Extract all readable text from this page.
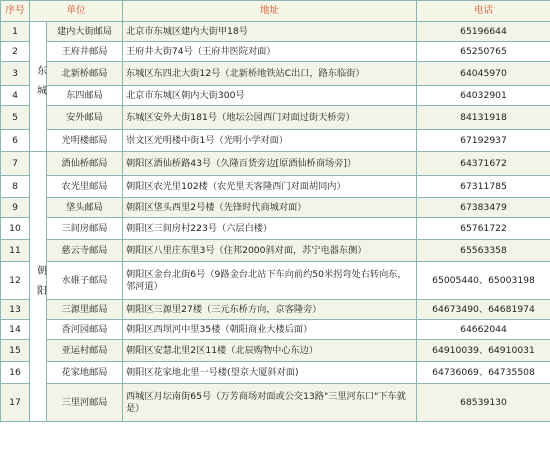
序号	单位		地址	电话
1	东城	建内大街邮局	北京市东城区建内大街甲18号	65196644
2		王府井邮局	王府井大街74号（王府井医院对面）	65250765
3		北新桥邮局	东城区东四北大街12号（北新桥地铁站C出口，路东临街）	64045970
4		东四邮局	北京市东城区朝内大街300号	64032901
5		安外邮局	东城区安外大街181号（地坛公园西门对面过街天桥旁）	84131918
6		光明楼邮局	崇文区光明楼中街1号（光明小学对面）	67192937
7	朝阳	酒仙桥邮局	朝阳区酒仙桥路43号（久隆百货旁边[原酒仙桥商场旁]）	64371672
8		农光里邮局	朝阳区农光里102楼（农光里天客隆西门对面胡同内）	67311785
9		垡头邮局	朝阳区垡头西里2号楼（先锋时代商城对面）	67383479
10		三间房邮局	朝阳区三间房村223号（六层白楼）	65761722
11		慈云寺邮局	朝阳区八里庄东里3号（住邦2000斜对面，苏宁电器东侧）	65563358
12		水碓子邮局	朝阳区金台北街6号（9路金台北站下车向前约50米拐弯处右转向东，邻河道）	65005440、65003198
13		三源里邮局	朝阳区三源里27楼（三元东桥方向，京客隆旁）	64673490、64681974
14		香河园邮局	朝阳区西坝河中里35楼（朝阳商业大楼后面）	64662044
15		亚运村邮局	朝阳区安慧北里2区11楼（北辰购物中心东边）	64910039、64910031
16		花家地邮局	朝阳区花家地北里一号楼(望京大厦斜对面)	64736069、64735508
17		三里河邮局	西城区月坛南街65号（万芳商场对面或公交13路"三里河东口"下车就是）	68539130
